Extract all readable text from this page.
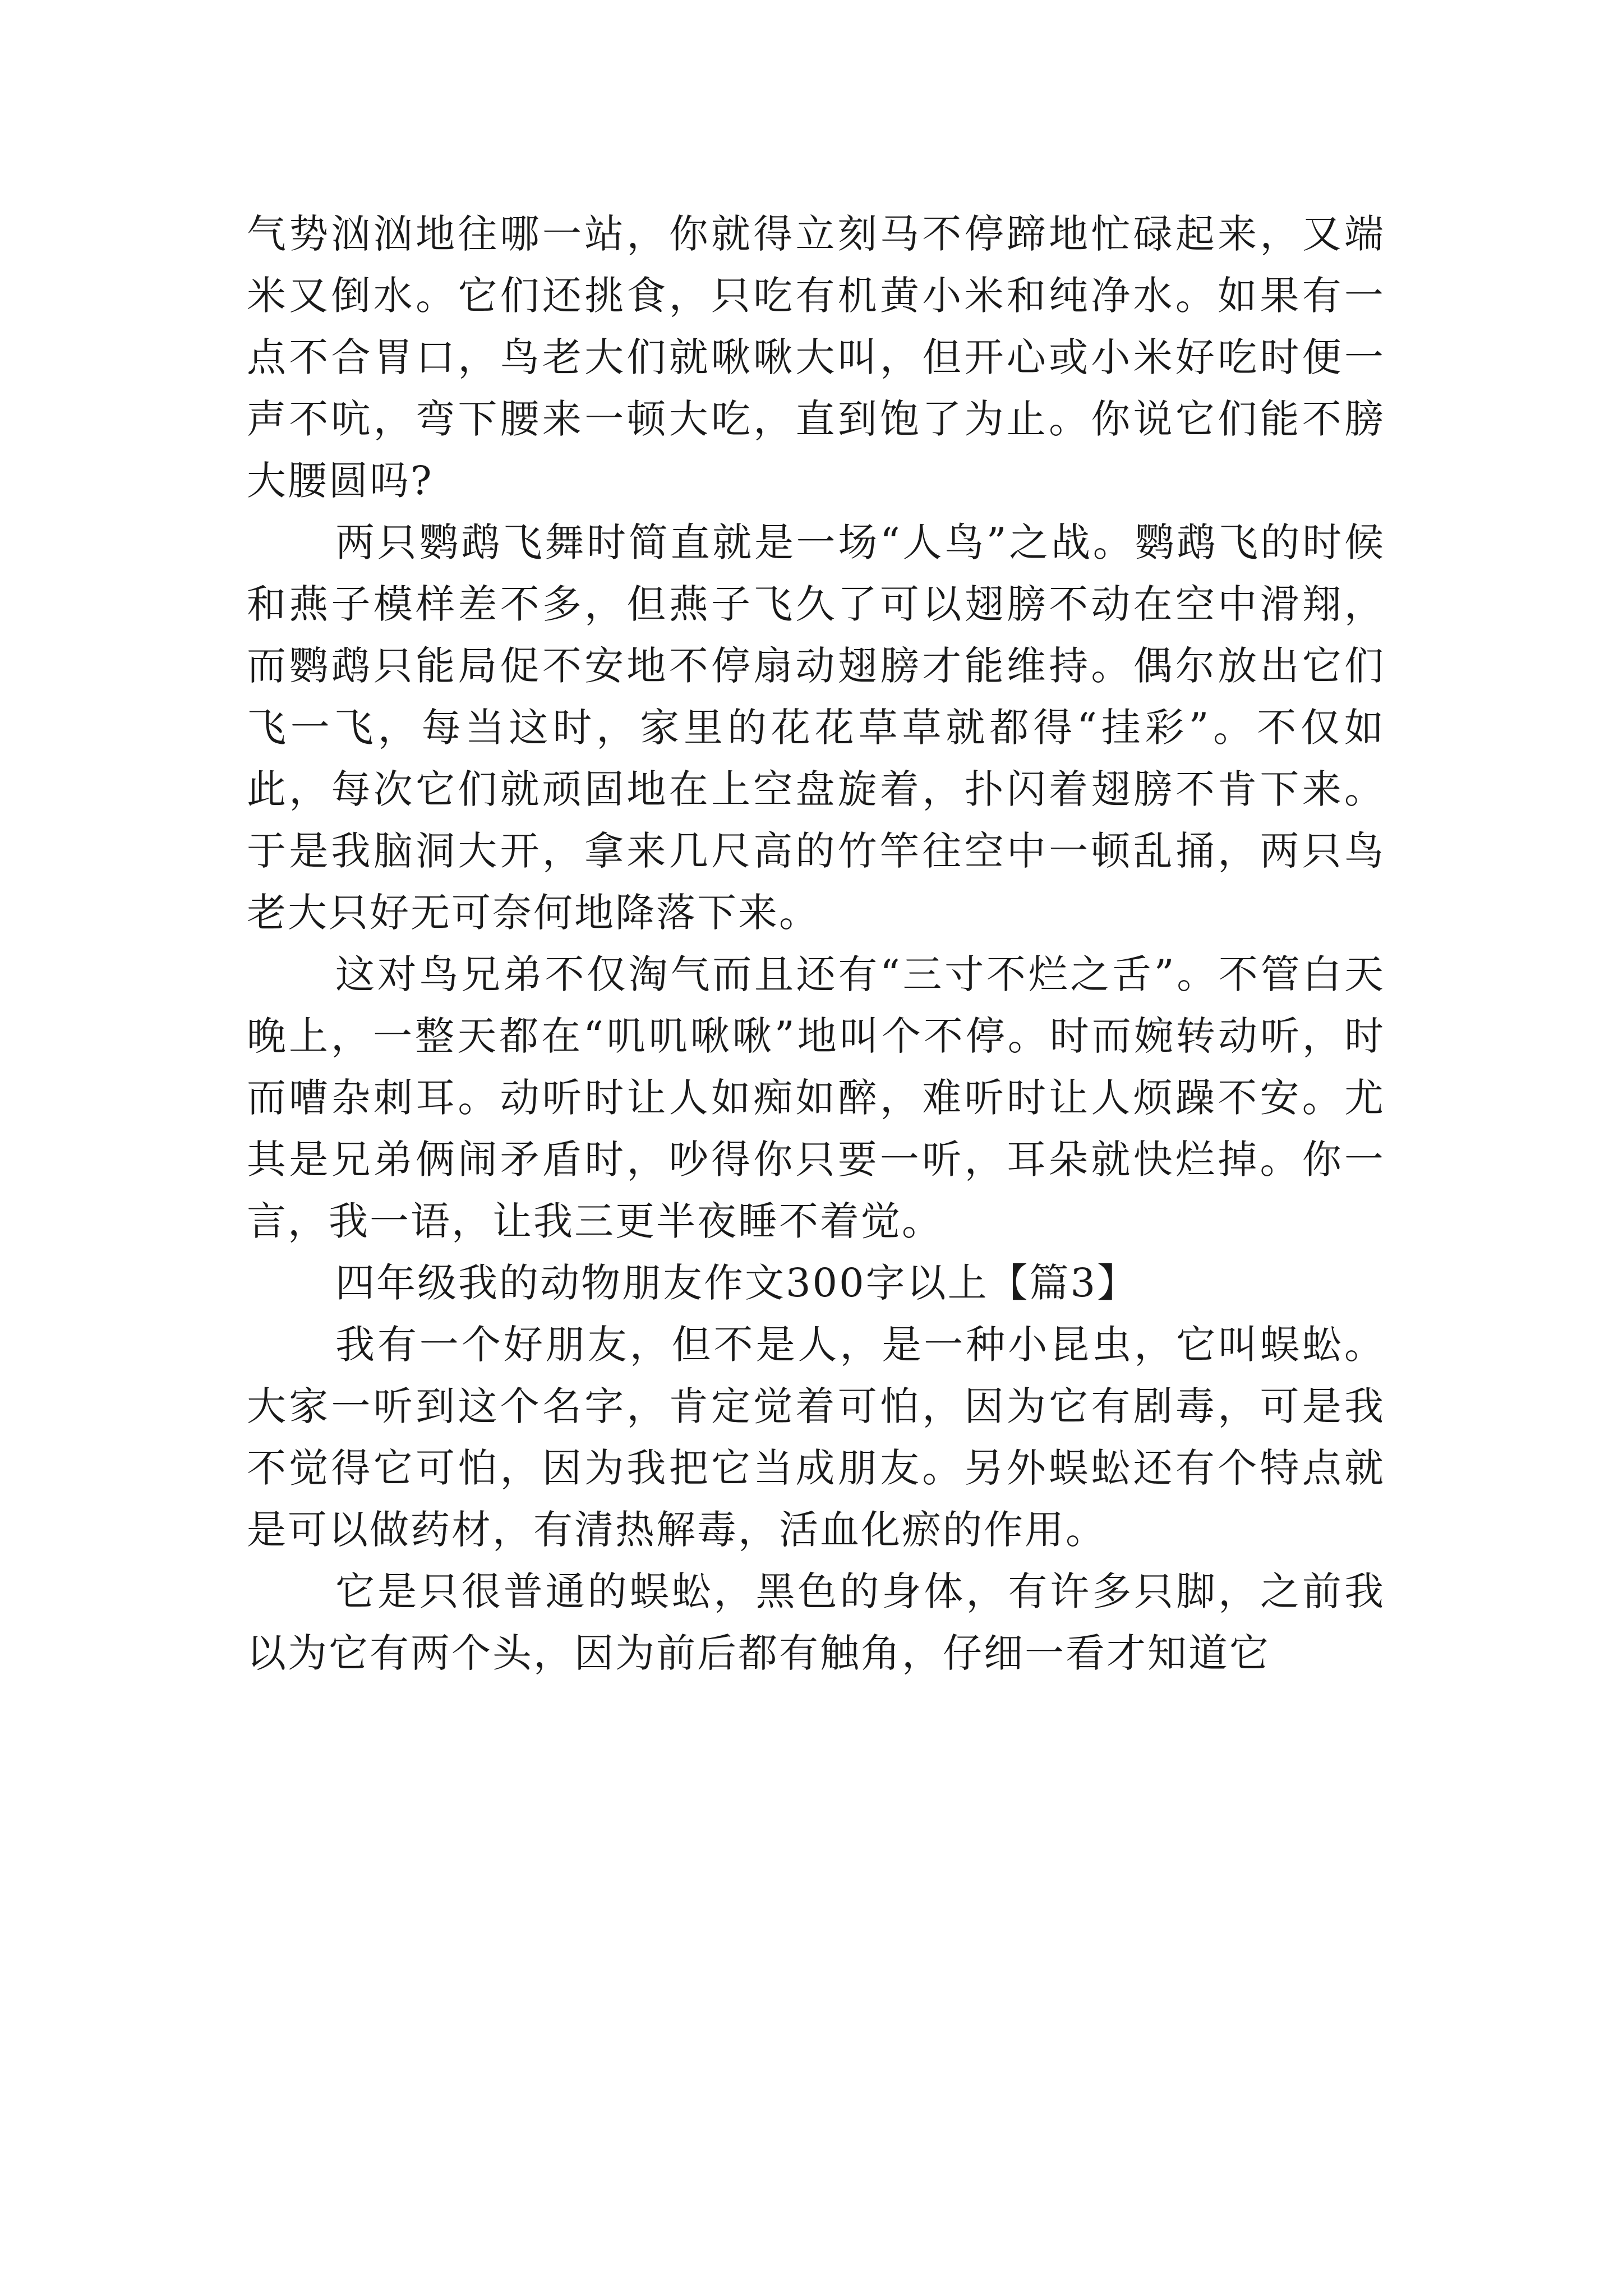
气势汹汹地往哪一站，你就得立刻马不停蹄地忙碌起来，又端米又倒水。它们还挑食，只吃有机黄小米和纯净水。如果有一点不合胃口，鸟老大们就啾啾大叫，但开心或小米好吃时便一声不吭，弯下腰来一顿大吃，直到饱了为止。你说它们能不膀大腰圆吗?

两只鹦鹉飞舞时简直就是一场“人鸟”之战。鹦鹉飞的时候和燕子模样差不多，但燕子飞久了可以翅膀不动在空中滑翔，而鹦鹉只能局促不安地不停扇动翅膀才能维持。偶尔放出它们飞一飞，每当这时，家里的花花草草就都得“挂彩”。不仅如此，每次它们就顽固地在上空盘旋着，扑闪着翅膀不肯下来。于是我脑洞大开，拿来几尺高的竹竿往空中一顿乱捅，两只鸟老大只好无可奈何地降落下来。

这对鸟兄弟不仅淘气而且还有“三寸不烂之舌”。不管白天晚上，一整天都在“叽叽啾啾”地叫个不停。时而婉转动听，时而嘈杂刺耳。动听时让人如痴如醉，难听时让人烦躁不安。尤其是兄弟俩闹矛盾时，吵得你只要一听，耳朵就快烂掉。你一言，我一语，让我三更半夜睡不着觉。

四年级我的动物朋友作文300字以上【篇3】

我有一个好朋友，但不是人，是一种小昆虫，它叫蜈蚣。大家一听到这个名字，肯定觉着可怕，因为它有剧毒，可是我不觉得它可怕，因为我把它当成朋友。另外蜈蚣还有个特点就是可以做药材，有清热解毒，活血化瘀的作用。

它是只很普通的蜈蚣，黑色的身体，有许多只脚，之前我以为它有两个头，因为前后都有触角，仔细一看才知道它
